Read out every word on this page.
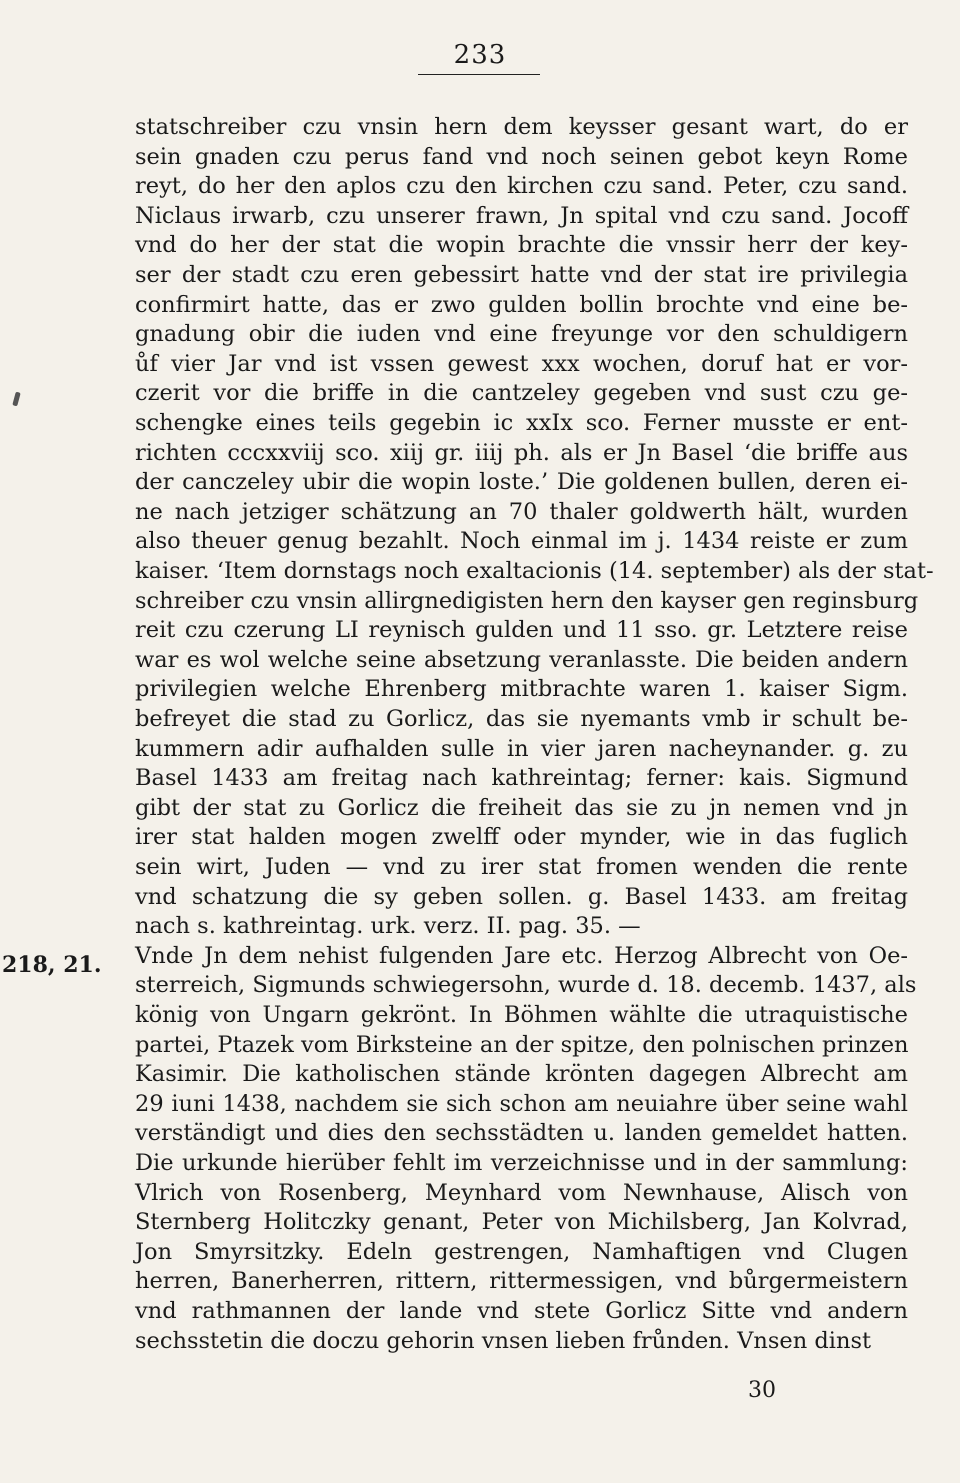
233
statschreiber czu vnsin hern dem keysser gesant wart, do er
sein gnaden czu perus fand vnd noch seinen gebot keyn Rome
reyt, do her den aplos czu den kirchen czu sand. Peter, czu sand.
Niclaus irwarb, czu unserer frawn, Jn spital vnd czu sand. Jocoff
vnd do her der stat die wopin brachte die vnssir herr der key-
ser der stadt czu eren gebessirt hatte vnd der stat ire privilegia
confirmirt hatte, das er zwo gulden bollin brochte vnd eine be-
gnadung obir die iuden vnd eine freyunge vor den schuldigern
ůf vier Jar vnd ist vssen gewest xxx wochen, doruf hat er vor-
czerit vor die briffe in die cantzeley gegeben vnd sust czu ge-
schengke eines teils gegebin ic xxIx sco. Ferner musste er ent-
richten cccxxviij sco. xiij gr. iiij ph. als er Jn Basel ‘die briffe aus
der canczeley ubir die wopin loste.’ Die goldenen bullen, deren ei-
ne nach jetziger schätzung an 70 thaler goldwerth hält, wurden
also theuer genug bezahlt. Noch einmal im j. 1434 reiste er zum
kaiser. ‘Item dornstags noch exaltacionis (14. september) als der stat-
schreiber czu vnsin allirgnedigisten hern den kayser gen reginsburg
reit czu czerung LI reynisch gulden und 11 sso. gr. Letztere reise
war es wol welche seine absetzung veranlasste. Die beiden andern
privilegien welche Ehrenberg mitbrachte waren 1. kaiser Sigm.
befreyet die stad zu Gorlicz, das sie nyemants vmb ir schult be-
kummern adir aufhalden sulle in vier jaren nacheynander. g. zu
Basel 1433 am freitag nach kathreintag; ferner: kais. Sigmund
gibt der stat zu Gorlicz die freiheit das sie zu jn nemen vnd jn
irer stat halden mogen zwelff oder mynder, wie in das fuglich
sein wirt, Juden — vnd zu irer stat fromen wenden die rente
vnd schatzung die sy geben sollen. g. Basel 1433. am freitag
nach s. kathreintag. urk. verz. II. pag. 35. —
Vnde Jn dem nehist fulgenden Jare etc. Herzog Albrecht von Oe-
sterreich, Sigmunds schwiegersohn, wurde d. 18. decemb. 1437, als
könig von Ungarn gekrönt. In Böhmen wählte die utraquistische
partei, Ptazek vom Birksteine an der spitze, den polnischen prinzen
Kasimir. Die katholischen stände krönten dagegen Albrecht am
29 iuni 1438, nachdem sie sich schon am neuiahre über seine wahl
verständigt und dies den sechsstädten u. landen gemeldet hatten.
Die urkunde hierüber fehlt im verzeichnisse und in der sammlung:
Vlrich von Rosenberg, Meynhard vom Newnhause, Alisch von
Sternberg Holitczky genant, Peter von Michilsberg, Jan Kolvrad,
Jon Smyrsitzky. Edeln gestrengen, Namhaftigen vnd Clugen
herren, Banerherren, rittern, rittermessigen, vnd bůrgermeistern
vnd rathmannen der lande vnd stete Gorlicz Sitte vnd andern
sechsstetin die doczu gehorin vnsen lieben frůnden. Vnsen dinst
218, 21.
30
